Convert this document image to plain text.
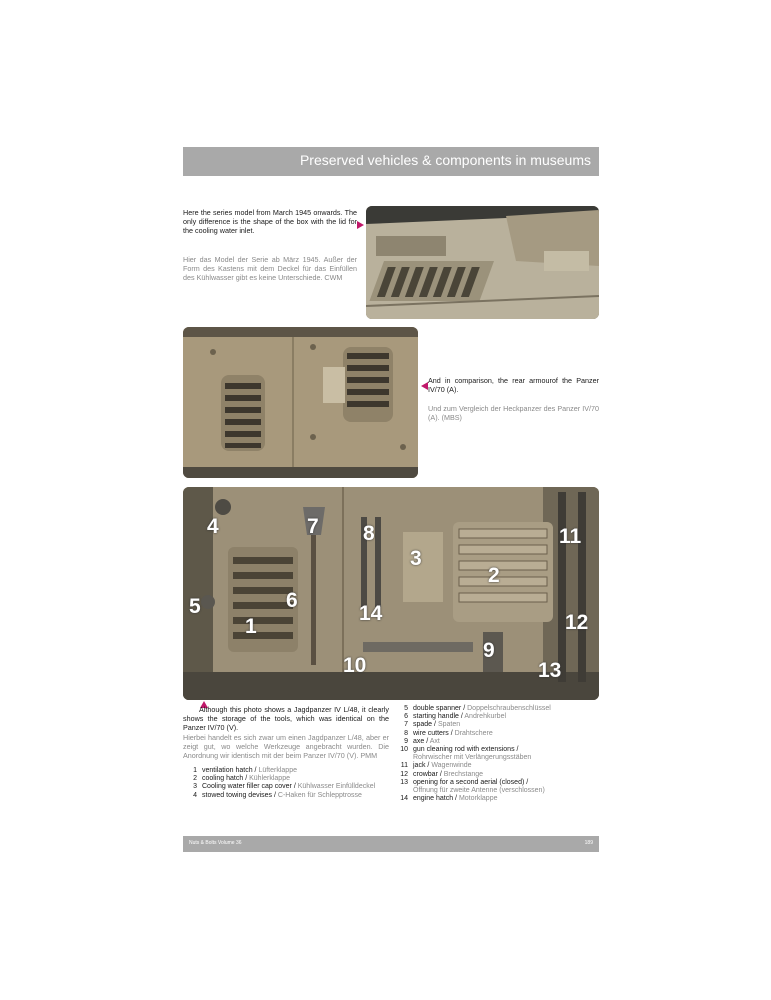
Preserved vehicles & components in museums
Here the series model from March 1945 onwards. The only difference is the shape of the box with the lid for the cooling water inlet.
Hier das Model der Serie ab März 1945. Außer der Form des Kastens mit dem Deckel für das Einfüllen des Kühlwasser gibt es keine Unterschiede. CWM
And in comparison, the rear armourof the Panzer IV/70 (A).
Und zum Vergleich der Heckpanzer des Panzer IV/70 (A). (MBS)
4	7 8	11
3
2
5	6
1
14	12
10
9
13
Although this photo shows a Jagdpanzer IV L/48, it clearly shows the storage of the tools, which was identical on the Panzer IV/70 (V).
Hierbei handelt es sich zwar um einen Jagdpanzer L/48, aber er zeigt gut, wo welche Werkzeuge angebracht wurden. Die Anordnung wir identisch mit der beim Panzer IV/70 (V). PMM
1 ventilation hatch / Lüfterklappe
2 cooling hatch / Kühlerklappe
3 Cooling water filler cap cover / Kühlwasser Einfülldeckel
4 stowed towing devises / C-Haken für Schlepptrosse
5 double spanner / Doppelschraubenschlüssel
6 starting handle / Andrehkurbel
7 spade / Spaten
8 wire cutters / Drahtschere
9 axe / Axt
10 gun cleaning rod with extensions /
Rohrwischer mit Verlängerungsstäben
11 jack / Wagenwinde
12 crowbar / Brechstange
13 opening for a second aerial (closed) /
Öffnung für zweite Antenne (verschlossen)
14 engine hatch / Motorklappe
Nuts & Bolts Volume 36	189
